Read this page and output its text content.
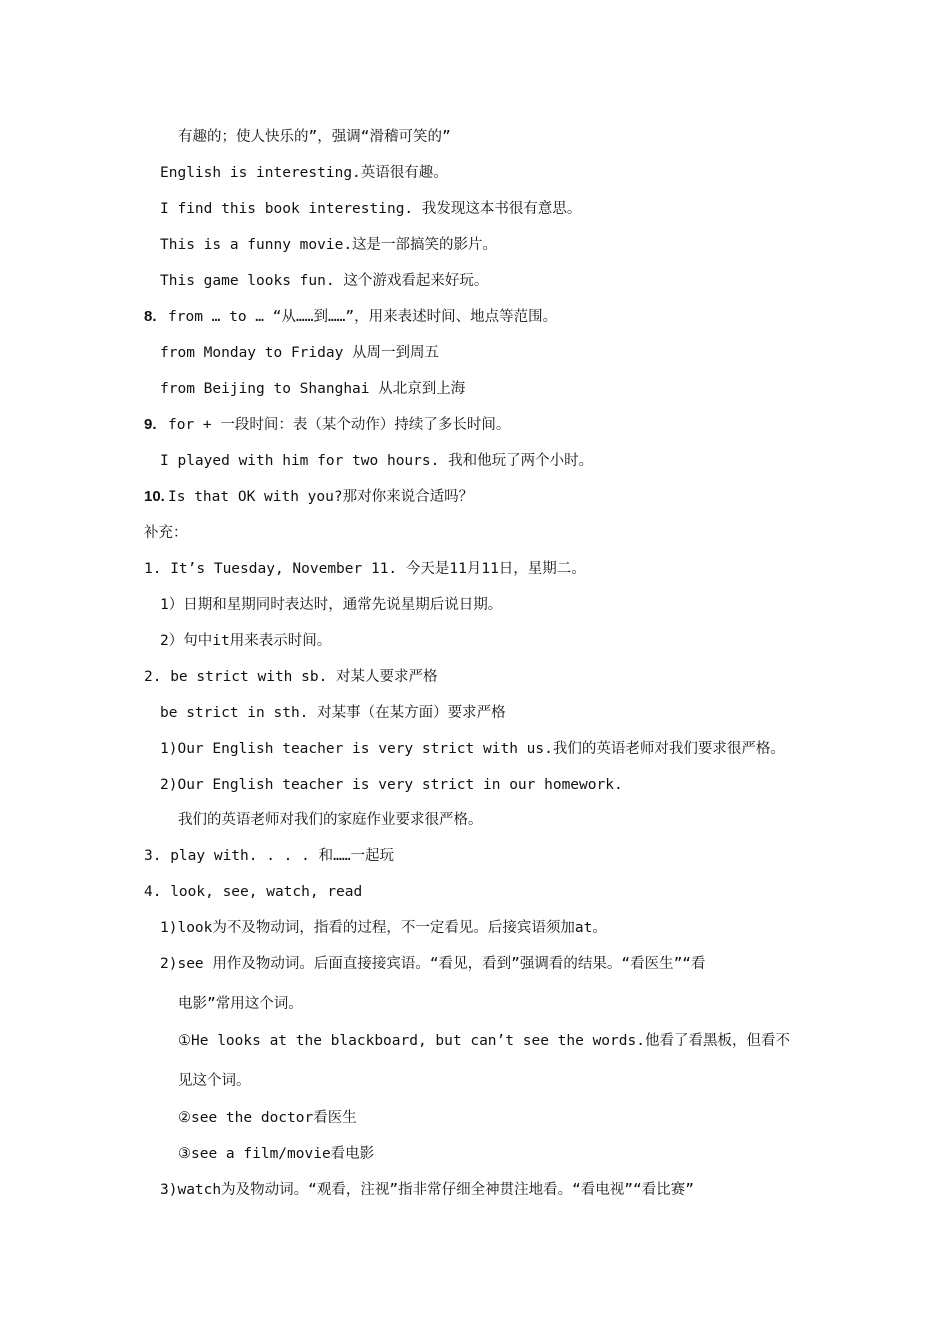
有趣的；使人快乐的”，强调“滑稽可笑的”
English is interesting.英语很有趣。
I find this book interesting. 我发现这本书很有意思。
This is a funny movie.这是一部搞笑的影片。
This game looks fun. 这个游戏看起来好玩。
8. from … to … “从……到……”，用来表述时间、地点等范围。
from Monday to Friday 从周一到周五
from Beijing to Shanghai 从北京到上海
9. for + 一段时间：表（某个动作）持续了多长时间。
I played with him for two hours. 我和他玩了两个小时。
10. Is that OK with you?那对你来说合适吗？
补充：
1. It’s Tuesday, November 11. 今天是11月11日，星期二。
1）日期和星期同时表达时，通常先说星期后说日期。
2）句中it用来表示时间。
2. be strict with sb. 对某人要求严格
be strict in sth. 对某事（在某方面）要求严格
1)Our English teacher is very strict with us.我们的英语老师对我们要求很严格。
2)Our English teacher is very strict in our homework.
我们的英语老师对我们的家庭作业要求很严格。
3. play with. . . . 和……一起玩
4. look, see, watch, read
1)look为不及物动词，指看的过程，不一定看见。后接宾语须加at。
2)see 用作及物动词。后面直接接宾语。“看见，看到”强调看的结果。“看医生”“看
电影”常用这个词。
①He looks at the blackboard, but can’t see the words.他看了看黑板，但看不
见这个词。
②see the doctor看医生
③see a film/movie看电影
3)watch为及物动词。“观看，注视”指非常仔细全神贯注地看。“看电视”“看比赛”
